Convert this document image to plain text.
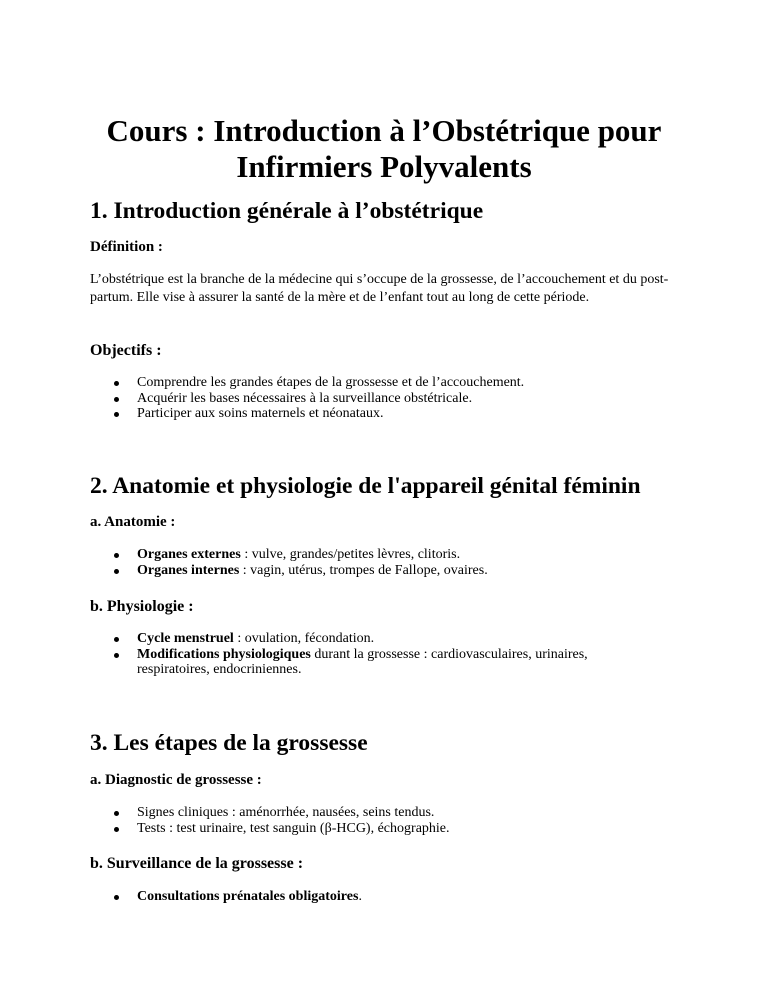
Cours : Introduction à l’Obstétrique pour Infirmiers Polyvalents
1. Introduction générale à l’obstétrique
Définition :

L’obstétrique est la branche de la médecine qui s’occupe de la grossesse, de l’accouchement et du post-partum. Elle vise à assurer la santé de la mère et de l’enfant tout au long de cette période.

Objectifs :
Comprendre les grandes étapes de la grossesse et de l’accouchement.
Acquérir les bases nécessaires à la surveillance obstétricale.
Participer aux soins maternels et néonataux.
2. Anatomie et physiologie de l'appareil génital féminin
a. Anatomie :
Organes externes : vulve, grandes/petites lèvres, clitoris.
Organes internes : vagin, utérus, trompes de Fallope, ovaires.
b. Physiologie :
Cycle menstruel : ovulation, fécondation.
Modifications physiologiques durant la grossesse : cardiovasculaires, urinaires, respiratoires, endocriniennes.
3. Les étapes de la grossesse
a. Diagnostic de grossesse :
Signes cliniques : aménorrhée, nausées, seins tendus.
Tests : test urinaire, test sanguin (β-HCG), échographie.
b. Surveillance de la grossesse :
Consultations prénatales obligatoires.
